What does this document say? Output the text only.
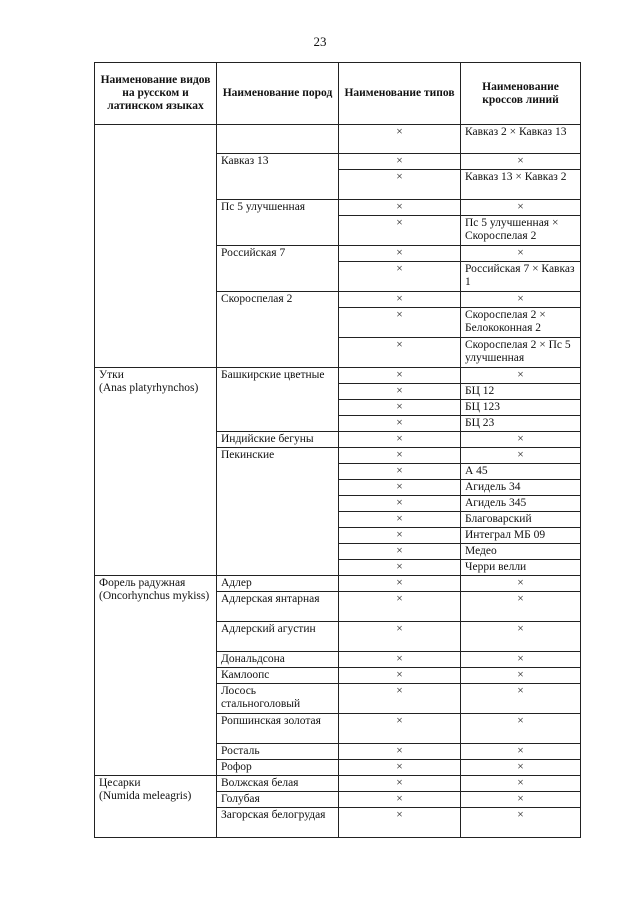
23
Наименование видов на русском и латинском языках	Наименование пород	Наименование типов	Наименование кроссов линий
		×	Кавказ 2 × Кавказ 13
	Кавказ 13	×	×
		×	Кавказ 13 × Кавказ 2
	Пс 5 улучшенная	×	×
		×	Пс 5 улучшенная × Скороспелая 2
	Российская 7	×	×
		×	Российская 7 × Кавказ 1
	Скороспелая 2	×	×
		×	Скороспелая 2 × Белококонная 2
		×	Скороспелая 2 × Пс 5 улучшенная

Утки
(Anas platyrhynchos)	Башкирские цветные	×	×
		×	БЦ 12
		×	БЦ 123
		×	БЦ 23
	Индийские бегуны	×	×
	Пекинские	×	×
		×	А 45
		×	Агидель 34
		×	Агидель 345
		×	Благоварский
		×	Интеграл МБ 09
		×	Медео
		×	Черри велли

Форель радужная
(Oncorhynchus mykiss)	Адлер	×	×
	Адлерская янтарная	×	×
	Адлерский агустин	×	×
	Дональдсона	×	×
	Камлоопс	×	×
	Лосось стальноголовый	×	×
	Ропшинская золотая	×	×
	Росталь	×	×
	Рофор	×	×

Цесарки
(Numida meleagris)	Волжская белая	×	×
	Голубая	×	×
	Загорская белогрудая	×	×
